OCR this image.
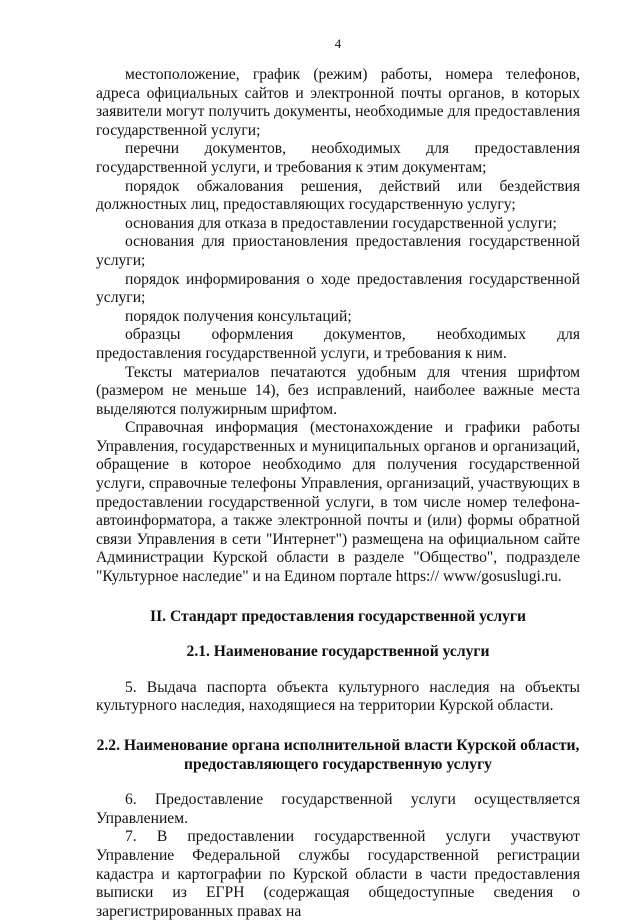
4

местоположение, график (режим) работы, номера телефонов, адреса официальных сайтов и электронной почты органов, в которых заявители могут получить документы, необходимые для предоставления государственной услуги;

перечни документов, необходимых для предоставления государственной услуги, и требования к этим документам;

порядок обжалования решения, действий или бездействия должностных лиц, предоставляющих государственную услугу;

основания для отказа в предоставлении государственной услуги;

основания для приостановления предоставления государственной услуги;

порядок информирования о ходе предоставления государственной услуги;

порядок получения консультаций;

образцы оформления документов, необходимых для предоставления государственной услуги, и требования к ним.

Тексты материалов печатаются удобным для чтения шрифтом (размером не меньше 14), без исправлений, наиболее важные места выделяются полужирным шрифтом.

Справочная информация (местонахождение и графики работы Управления, государственных и муниципальных органов и организаций, обращение в которое необходимо для получения государственной услуги, справочные телефоны Управления, организаций, участвующих в предоставлении государственной услуги, в том числе номер телефона-автоинформатора, а также электронной почты и (или) формы обратной связи Управления в сети "Интернет") размещена на официальном сайте Администрации Курской области в разделе "Общество", подразделе "Культурное наследие" и на Едином портале https:// www/gosuslugi.ru.

II. Стандарт предоставления государственной услуги

2.1. Наименование государственной услуги

5. Выдача паспорта объекта культурного наследия на объекты культурного наследия, находящиеся на территории Курской области.

2.2. Наименование органа исполнительной власти Курской области,
предоставляющего государственную услугу

6. Предоставление государственной услуги осуществляется Управлением.

7. В предоставлении государственной услуги участвуют Управление Федеральной службы государственной регистрации кадастра и картографии по Курской области в части предоставления выписки из ЕГРН (содержащая общедоступные сведения о зарегистрированных правах на
